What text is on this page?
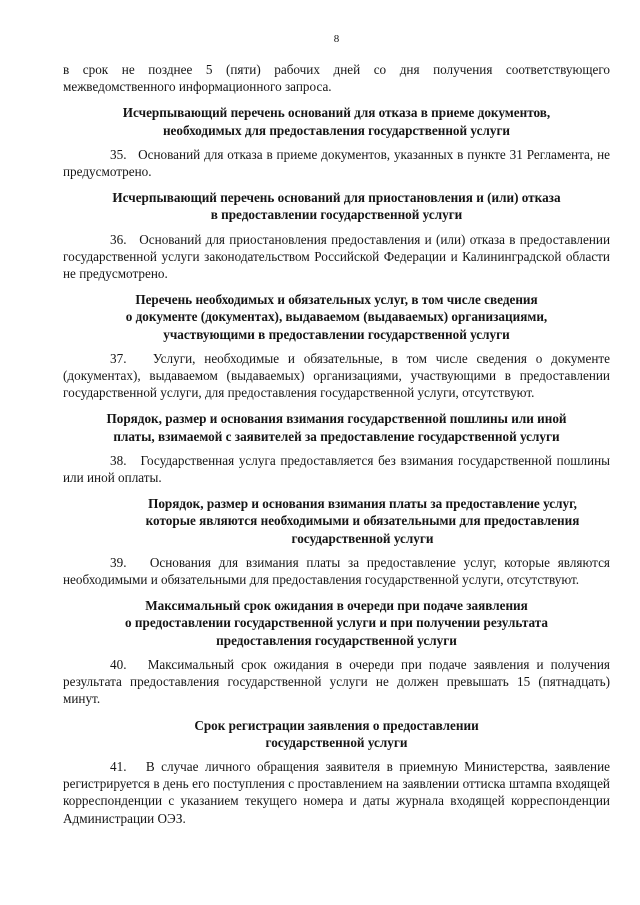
8

в срок не позднее 5 (пяти) рабочих дней со дня получения соответствующего межведомственного информационного запроса.

Исчерпывающий перечень оснований для отказа в приеме документов,
необходимых для предоставления государственной услуги

35.   Оснований для отказа в приеме документов, указанных в пункте 31 Регламента, не предусмотрено.

Исчерпывающий перечень оснований для приостановления и (или) отказа
в предоставлении государственной услуги

36.   Оснований для приостановления предоставления и (или) отказа в предоставлении государственной услуги законодательством Российской Федерации и Калининградской области не предусмотрено.

Перечень необходимых и обязательных услуг, в том числе сведения
о документе (документах), выдаваемом (выдаваемых) организациями,
участвующими в предоставлении государственной услуги

37.   Услуги, необходимые и обязательные, в том числе сведения о документе (документах), выдаваемом (выдаваемых) организациями, участвующими в предоставлении государственной услуги, для предоставления государственной услуги, отсутствуют.

Порядок, размер и основания взимания государственной пошлины или иной
платы, взимаемой с заявителей за предоставление государственной услуги

38.   Государственная услуга предоставляется без взимания государственной пошлины или иной оплаты.

Порядок, размер и основания взимания платы за предоставление услуг,
которые являются необходимыми и обязательными для предоставления
государственной услуги

39.   Основания для взимания платы за предоставление услуг, которые являются необходимыми и обязательными для предоставления государственной услуги, отсутствуют.

Максимальный срок ожидания в очереди при подаче заявления
о предоставлении государственной услуги и при получении результата
предоставления государственной услуги

40.   Максимальный срок ожидания в очереди при подаче заявления и получения результата предоставления государственной услуги не должен превышать 15 (пятнадцать) минут.

Срок регистрации заявления о предоставлении
государственной услуги

41.   В случае личного обращения заявителя в приемную Министерства, заявление регистрируется в день его поступления с проставлением на заявлении оттиска штампа входящей корреспонденции с указанием текущего номера и даты журнала входящей корреспонденции Администрации ОЭЗ.
